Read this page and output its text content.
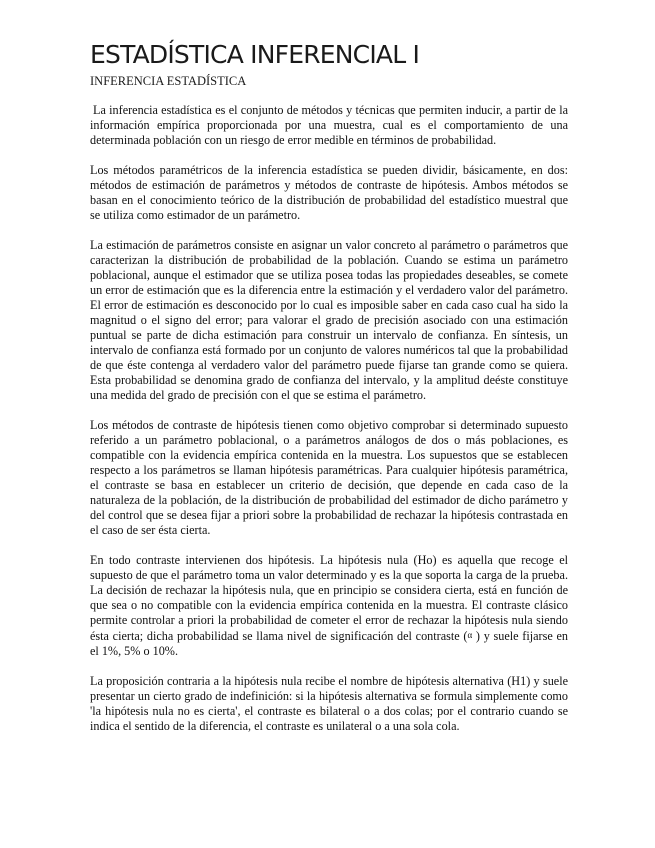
ESTADÍSTICA INFERENCIAL I
INFERENCIA ESTADÍSTICA

La inferencia estadística es el conjunto de métodos y técnicas que permiten inducir, a partir de la información empírica proporcionada por una muestra, cual es el comportamiento de una determinada población con un riesgo de error medible en términos de probabilidad.

Los métodos paramétricos de la inferencia estadística se pueden dividir, básicamente, en dos: métodos de estimación de parámetros y métodos de contraste de hipótesis. Ambos métodos se basan en el conocimiento teórico de la distribución de probabilidad del estadístico muestral que se utiliza como estimador de un parámetro.

La estimación de parámetros consiste en asignar un valor concreto al parámetro o parámetros que caracterizan la distribución de probabilidad de la población. Cuando se estima un parámetro poblacional, aunque el estimador que se utiliza posea todas las propiedades deseables, se comete un error de estimación que es la diferencia entre la estimación y el verdadero valor del parámetro. El error de estimación es desconocido por lo cual es imposible saber en cada caso cual ha sido la magnitud o el signo del error; para valorar el grado de precisión asociado con una estimación puntual se parte de dicha estimación para construir un intervalo de confianza. En síntesis, un intervalo de confianza está formado por un conjunto de valores numéricos tal que la probabilidad de que éste contenga al verdadero valor del parámetro puede fijarse tan grande como se quiera. Esta probabilidad se denomina grado de confianza del intervalo, y la amplitud deéste constituye una medida del grado de precisión con el que se estima el parámetro.

Los métodos de contraste de hipótesis tienen como objetivo comprobar si determinado supuesto referido a un parámetro poblacional, o a parámetros análogos de dos o más poblaciones, es compatible con la evidencia empírica contenida en la muestra. Los supuestos que se establecen respecto a los parámetros se llaman hipótesis paramétricas. Para cualquier hipótesis paramétrica, el contraste se basa en establecer un criterio de decisión, que depende en cada caso de la naturaleza de la población, de la distribución de probabilidad del estimador de dicho parámetro y del control que se desea fijar a priori sobre la probabilidad de rechazar la hipótesis contrastada en el caso de ser ésta cierta.

En todo contraste intervienen dos hipótesis. La hipótesis nula (Ho) es aquella que recoge el supuesto de que el parámetro toma un valor determinado y es la que soporta la carga de la prueba. La decisión de rechazar la hipótesis nula, que en principio se considera cierta, está en función de que sea o no compatible con la evidencia empírica contenida en la muestra. El contraste clásico permite controlar a priori la probabilidad de cometer el error de rechazar la hipótesis nula siendo ésta cierta; dicha probabilidad se llama nivel de significación del contraste (α ) y suele fijarse en el 1%, 5% o 10%.

La proposición contraria a la hipótesis nula recibe el nombre de hipótesis alternativa (H1) y suele presentar un cierto grado de indefinición: si la hipótesis alternativa se formula simplemente como 'la hipótesis nula no es cierta', el contraste es bilateral o a dos colas; por el contrario cuando se indica el sentido de la diferencia, el contraste es unilateral o a una sola cola.
